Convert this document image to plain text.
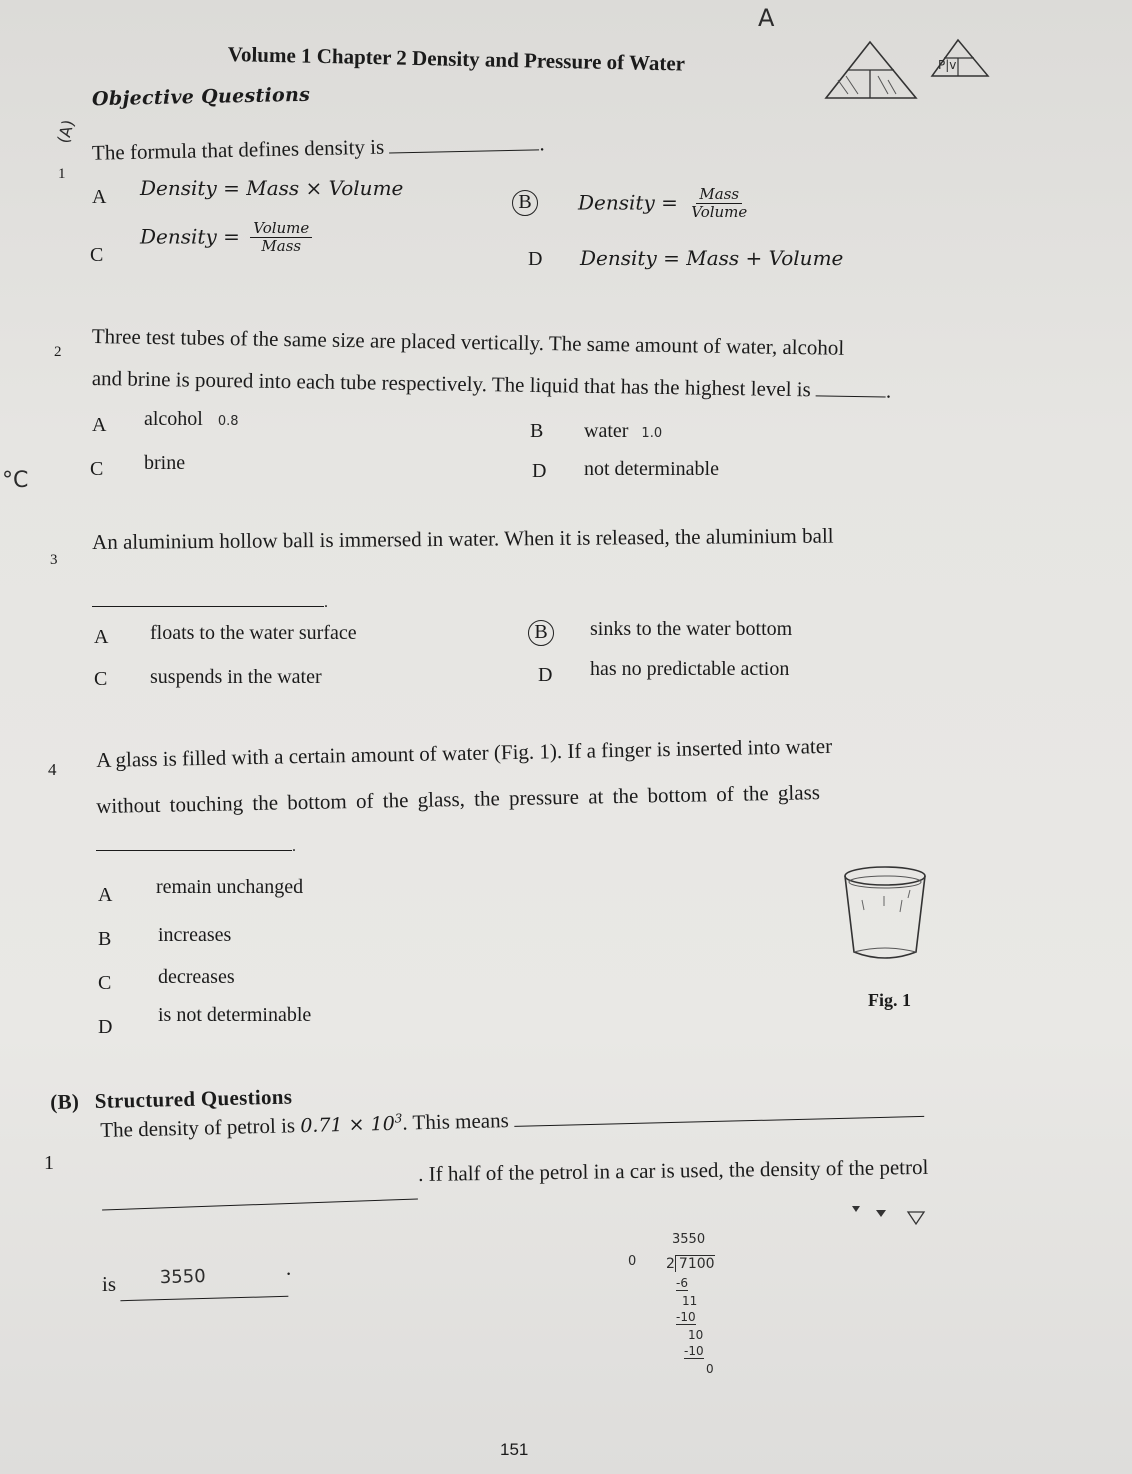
Volume 1 Chapter 2 Density and Pressure of Water
A
P|v
(A)
Objective Questions
1
The formula that defines density is	.
A Density = Mass × Volume
B	Density = $\frac{\text{Mass}}{\text{Volume}}$
C
Density = $\frac{\text{Volume}}{\text{Mass}}$
D Density = Mass + Volume
2 Three test tubes of the same size are placed vertically. The same amount of water, alcohol
and brine is poured into each tube respectively. The liquid that has the highest level is	.
A alcohol 0.8	B water 1.0
°C	C brine	D not determinable
3
An aluminium hollow ball is immersed in water. When it is released, the aluminium ball
.
A floats to the water surface	B	sinks to the water bottom
C suspends in the water	D has no predictable action
4 A glass is filled with a certain amount of water (Fig. 1). If a finger is inserted into water
without touching the bottom of the glass, the pressure at the bottom of the glass
.
A remain unchanged
B increases
C decreases
D
is not determinable
Fig. 1
(B) Structured Questions
1
The density of petrol is $0.71 \times 10^3$. This means
. If half of the petrol in a car is used, the density of the petrol
is 3550	.
3550
0 2 7100
-6
11
-10
10
-10
0
151
